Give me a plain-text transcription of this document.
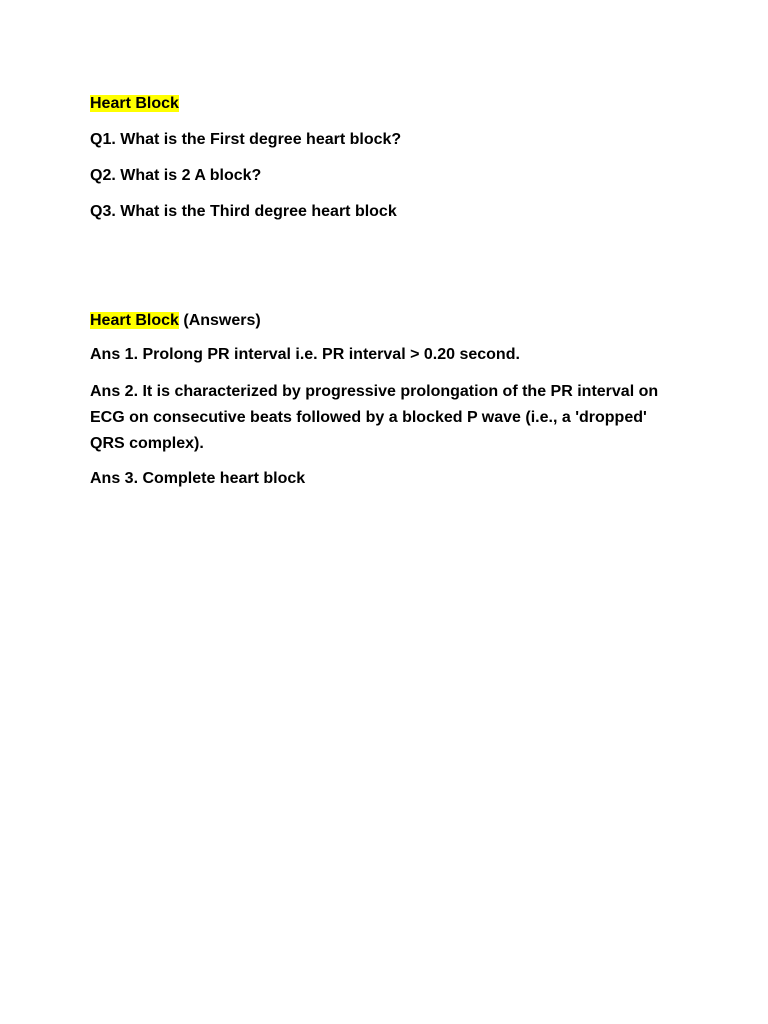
Heart Block
Q1. What is the First degree heart block?
Q2. What is 2 A block?
Q3. What is the Third degree heart block
Heart Block (Answers)
Ans 1. Prolong PR interval i.e. PR interval > 0.20 second.
Ans 2. It is characterized by progressive prolongation of the PR interval on ECG on consecutive beats followed by a blocked P wave (i.e., a 'dropped' QRS complex).
Ans 3. Complete heart block
